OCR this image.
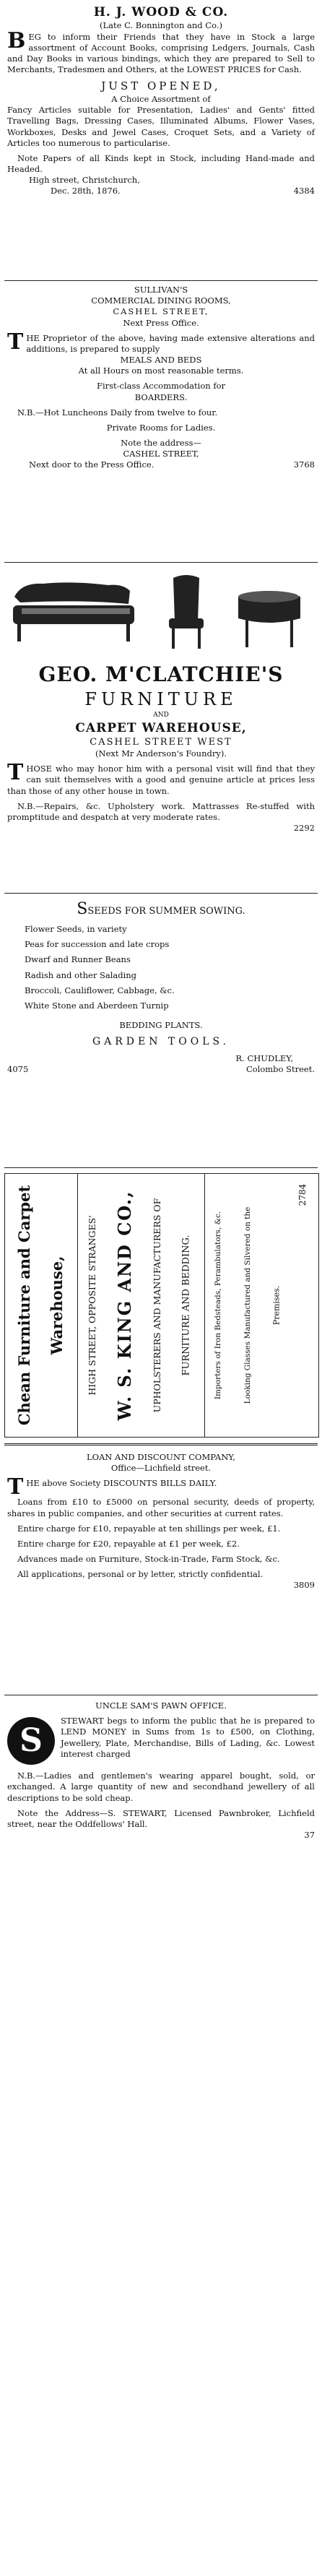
H. J. WOOD & CO.

(Late C. Bonnington and Co.)

BEG to inform their Friends that they have in Stock a large assortment of Account Books, comprising Ledgers, Journals, Cash and Day Books in various bindings, which they are prepared to Sell to Merchants, Tradesmen and Others, at the LOWEST PRICES for Cash.

JUST OPENED,

A Choice Assortment of

Fancy Articles suitable for Presentation, Ladies' and Gents' fitted Travelling Bags, Dressing Cases, Illuminated Albums, Flower Vases, Workboxes, Desks and Jewel Cases, Croquet Sets, and a Variety of Articles too numerous to particularise.

Note Papers of all Kinds kept in Stock, including Hand-made and Headed.

High street, Christchurch,

Dec. 28th, 1876.	4384

SULLIVAN'S

COMMERCIAL DINING ROOMS,

CASHEL STREET,

Next Press Office.

THE Proprietor of the above, having made extensive alterations and additions, is prepared to supply

MEALS AND BEDS

At all Hours on most reasonable terms.

First-class Accommodation for

BOARDERS.

N.B.—Hot Luncheons Daily from twelve to four.

Private Rooms for Ladies.

Note the address—

CASHEL STREET,

Next door to the Press Office.	3768

GEO. M'CLATCHIE'S

FURNITURE

AND

CARPET WAREHOUSE,

CASHEL STREET WEST

(Next Mr Anderson's Foundry).

THOSE who may honor him with a personal visit will find that they can suit themselves with a good and genuine article at prices less than those of any other house in town.

N.B.—Repairs, &c. Upholstery work. Mattrasses Re-stuffed with promptitude and despatch at very moderate rates.

2292

SSEEDS FOR SUMMER SOWING.

Flower Seeds, in variety

Peas for succession and late crops

Dwarf and Runner Beans

Radish and other Salading

Broccoli, Cauliflower, Cabbage, &c.

White Stone and Aberdeen Turnip

BEDDING PLANTS.

GARDEN TOOLS.

R. CHUDLEY,

4075	Colombo Street.

Chean Furniture and Carpet Warehouse, HIGH STREET, OPPOSITE STRANGES' W. S. KING AND CO., UPHOLSTERERS AND MANUFACTURERS OF FURNITURE AND BEDDING.	Importers of Iron Bedsteads, Perambulators, &c.	Looking Glasses Manufactured and Silvered on the	Premises.
2784

LOAN AND DISCOUNT COMPANY,

Office—Lichfield street.

THE above Society DISCOUNTS BILLS DAILY.

Loans from £10 to £5000 on personal security, deeds of property, shares in public companies, and other securities at current rates.

Entire charge for £10, repayable at ten shillings per week, £1.

Entire charge for £20, repayable at £1 per week, £2.

Advances made on Furniture, Stock-in-Trade, Farm Stock, &c.

All applications, personal or by letter, strictly confidential.

3809

UNCLE SAM'S PAWN OFFICE.

S

STEWART begs to inform the public that he is prepared to LEND MONEY in Sums from 1s to £500, on Clothing, Jewellery, Plate, Merchandise, Bills of Lading, &c. Lowest interest charged

N.B.—Ladies and gentlemen's wearing apparel bought, sold, or exchanged. A large quantity of new and secondhand jewellery of all descriptions to be sold cheap.

Note the Address—S. STEWART, Licensed Pawnbroker, Lichfield street, near the Oddfellows' Hall.

37
